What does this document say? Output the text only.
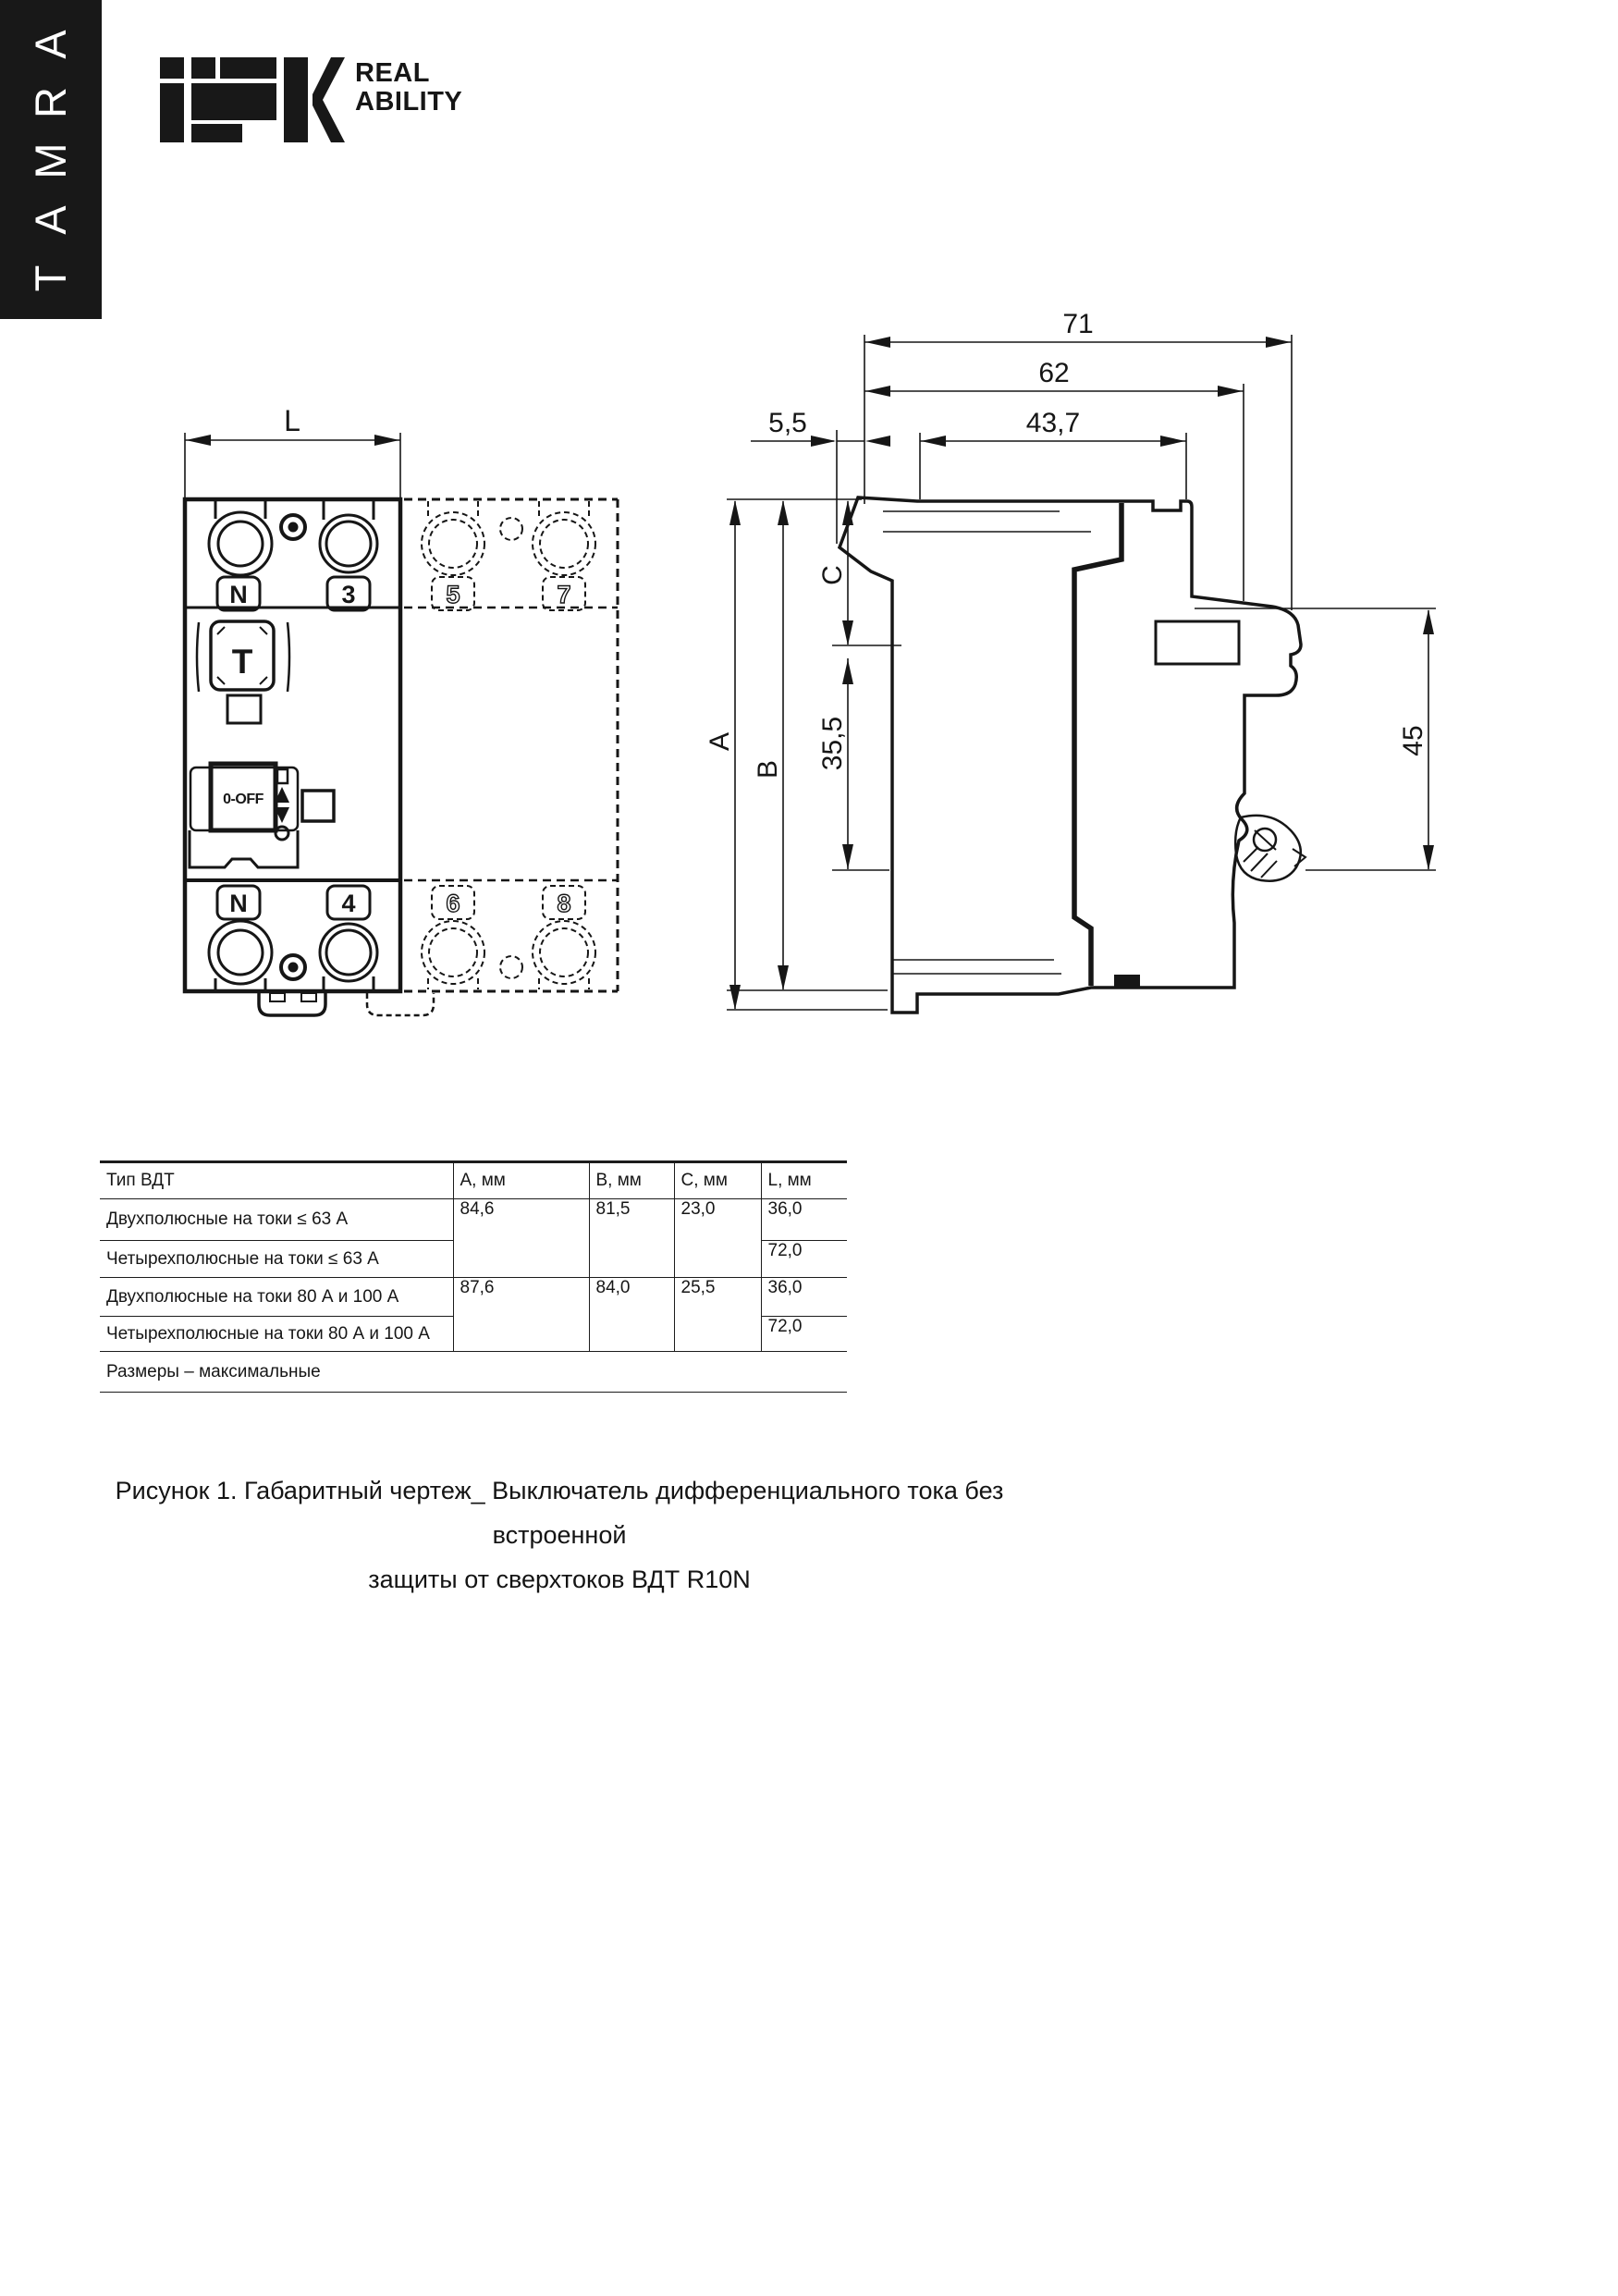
A
R
M
A
T
REAL
ABILITY
L
N	3
T
0-OFF
N	4
5	7
6	8
71
62
43,7
5,5
A
B
C
35,5	45
Тип ВДТ	A, мм	B, мм	C, мм	L, мм
Двухполюсные на токи ≤ 63 А	84,6	81,5	23,0	36,0
Четырехполюсные на токи ≤ 63 А				72,0
Двухполюсные на токи 80 А и 100 А	87,6	84,0	25,5	36,0
Четырехполюсные на токи 80 А и 100 А				72,0
Размеры – максимальные				
Рисунок 1. Габаритный чертеж_ Выключатель дифференциального тока без встроенной
защиты от сверхтоков ВДТ R10N
